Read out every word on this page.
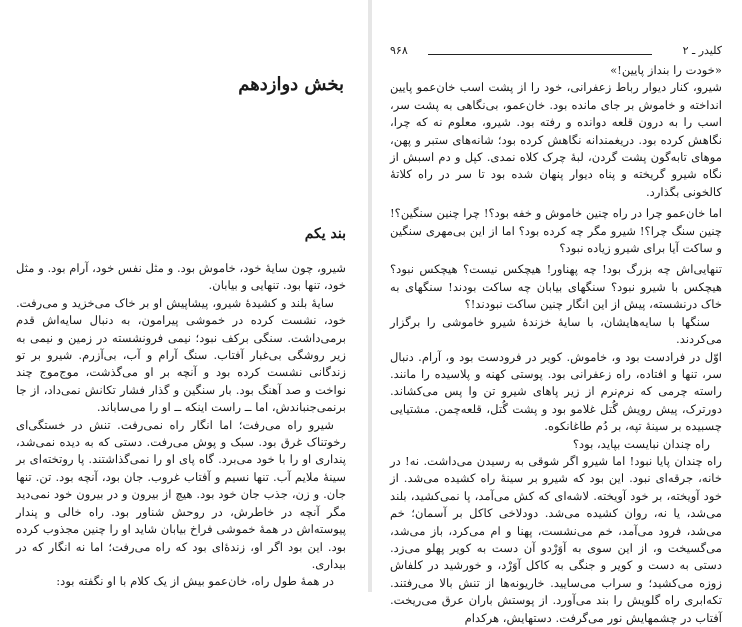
۹۶۸	کلیدر ـ ۲

«خودت را بنداز پایین!»

شیرو، کنار دیوار رباط زعفرانی، خود را از پشت اسب خان‌عمو پایین انداخته و خاموش بر جای مانده بود. خان‌عمو، بی‌نگاهی به پشت سر، اسب را به درون قلعه دوانده و رفته بود. شیرو، معلوم نه که چرا، نگاهش کرده بود. دریغمندانه نگاهش کرده بود؛ شانه‌های ستبر و پهن، موهای تابه‌گون پشت گردن، لبهٔ چرک کلاه نمدی. کپل و دم اسبش از نگاه شیرو گریخته و پناه دیوار پنهان شده بود تا سر در راه کلاتهٔ کالخونی بگذارد.

اما خان‌عمو چرا در راه چنین خاموش و خفه بود؟! چرا چنین سنگین؟! چنین سنگ چرا؟! شیرو مگر چه کرده بود؟ اما از این بی‌مهری سنگین و ساکت آیا برای شیرو زیاده نبود؟

تنهایی‌اش چه بزرگ بود! چه پهناور! هیچکس نیست؟ هیچکس نبود؟ هیچکس با شیرو نبود؟ سنگهای بیابان چه ساکت بودند! سنگهای به خاک درنشسته، پیش از این انگار چنین ساکت نبودند!؟

سنگها با سایه‌هایشان، با سایهٔ خزندهٔ شیرو خاموشی را برگزار می‌کردند.

اوّل در فرادست بود و، خاموش. کویر در فرودست بود و، آرام. دنبال سر، تنها و افتاده، راه زعفرانی بود. پوستی کهنه و پلاسیده را مانند. راسته چرمی که نرم‌نرم از زیر پاهای شیرو تن وا پس می‌کشاند. دورترک، پیش رویش گُتل غلامو بود و پشت گُتل، قلعه‌چمن. مشتیایی چسبیده بر سینهٔ تپه، بر دُم طاغانکوه.

راه چندان نبایست بپاید، بود؟

راه چندان پایا نبود! اما شیرو اگر شوقی به رسیدن می‌داشت. نه! در خانه، جرقه‌ای نبود. این بود که شیرو بر سینهٔ راه کشیده می‌شد. از خود آویخته، بر خود آویخته. لاشه‌ای که کش می‌آمد، پا نمی‌کشید، بلند می‌شد، یا نه، روان کشیده می‌شد. دودلاخی کاکل بر آسمان؛ خم می‌شد، فرود می‌آمد، خم می‌نشست، پهنا و ام می‌کرد، باز می‌شد، می‌گسیخت و، از این سوی به آوَرْدو آن دست به کویر پهلو می‌زد. دستی به دست و کویر و جنگی به کاکل آوَرْد، و خورشید در کلفاش زوزه می‌کشید؛ و سراب می‌سایید. خاریونه‌ها از تنش بالا می‌رفتند. تکه‌ابری راه گلویش را بند می‌آورد. از پوستش باران عرق می‌ریخت. آفتاب در چشمهایش نور می‌گرفت. دستهایش، هرکدام

بخش دوازدهم
بند یکم

شیرو، چون سایهٔ خود، خاموش بود. و مثل نفس خود، آرام بود. و مثل خود، تنها بود. تنهایی و بیابان.

سایهٔ بلند و کشیدهٔ شیرو، پیشاپیش او بر خاک می‌خزید و می‌رفت. خود، نشست کرده در خموشی پیرامون، به دنبال سایه‌اش قدم برمی‌داشت. سنگی برکف نبود؛ نیمی فرونشسته در زمین و نیمی به زیر روشگی بی‌غبار آفتاب. سنگ آرام و آب، بی‌آزرم. شیرو بر تو زندگانی نشست کرده بود و آنچه بر او می‌گذشت، موج‌موج چند نواخت و صد آهنگ بود. بار سنگین و گذار فشار تکانش نمی‌داد، از جا برنمی‌جنباندش، اما ــ راست اینکه ــ او را می‌ساباند.

شیرو راه می‌رفت؛ اما انگار راه نمی‌رفت. تنش در خستگی‌ای رخوتناک غرق بود. سبک و پوش می‌رفت. دستی که به دیده نمی‌شد، پنداری او را با خود می‌برد. گاه پای او را نمی‌گذاشتند. پا رو‌تخته‌ای بر سینهٔ ملایم آب. تنها نسیم و آفتاب غروب. جان بود، آنچه بود. تن. تنها جان. و زن، جذب جان خود بود. هیچ از بیرون و در بیرون خود نمی‌دید مگر آنچه در خاطرش، در روحش شناور بود. راه خالی و پندار پیوسته‌اش در همهٔ خموشی فراخ بیابان شاید او را چنین مجذوب کرده بود. این بود اگر او، زندهٔ‌ای بود که راه می‌رفت؛ اما نه انگار که در بیداری.

در همهٔ طول راه، خان‌عمو بیش از یک کلام با او نگفته بود:
